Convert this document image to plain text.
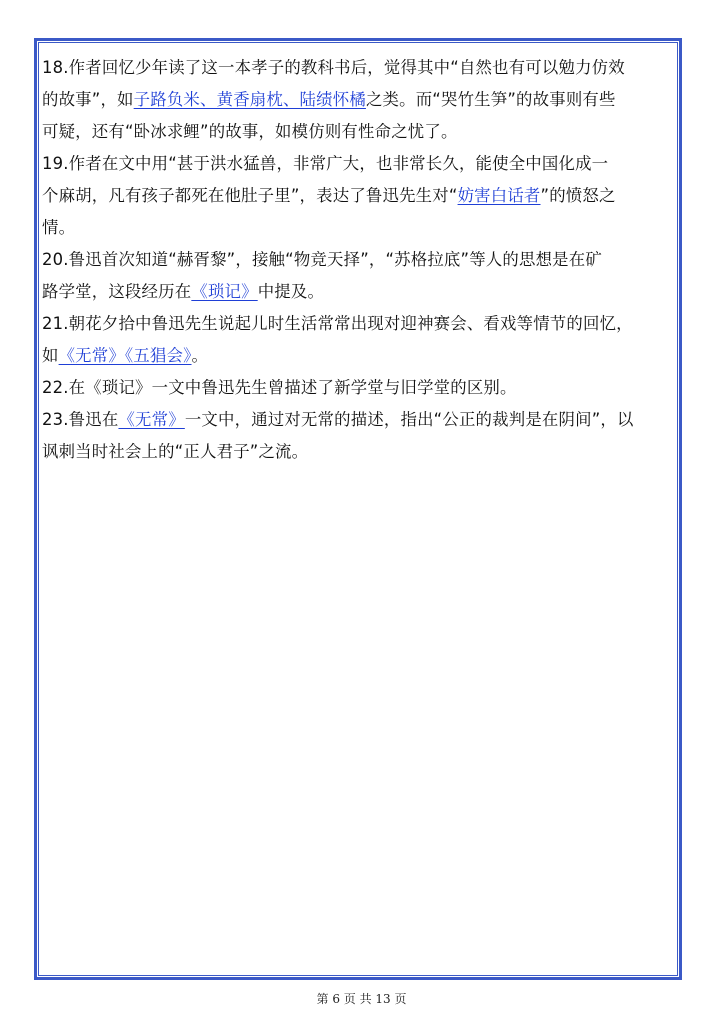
18.作者回忆少年读了这一本孝子的教科书后，觉得其中“自然也有可以勉力仿效
的故事”，如子路负米、黄香扇枕、陆绩怀橘之类。而“哭竹生笋”的故事则有些
可疑，还有“卧冰求鲤”的故事，如模仿则有性命之忧了。
19.作者在文中用“甚于洪水猛兽，非常广大，也非常长久，能使全中国化成一
个麻胡，凡有孩子都死在他肚子里”，表达了鲁迅先生对“妨害白话者”的愤怒之
情。
20.鲁迅首次知道“赫胥黎”，接触“物竞天择”，“苏格拉底”等人的思想是在矿
路学堂，这段经历在《琐记》中提及。
21.朝花夕拾中鲁迅先生说起儿时生活常常出现对迎神赛会、看戏等情节的回忆，
如《无常》《五猖会》。
22.在《琐记》一文中鲁迅先生曾描述了新学堂与旧学堂的区别。
23.鲁迅在《无常》一文中，通过对无常的描述，指出“公正的裁判是在阴间”，以
讽刺当时社会上的“正人君子”之流。
第 6 页 共 13 页
